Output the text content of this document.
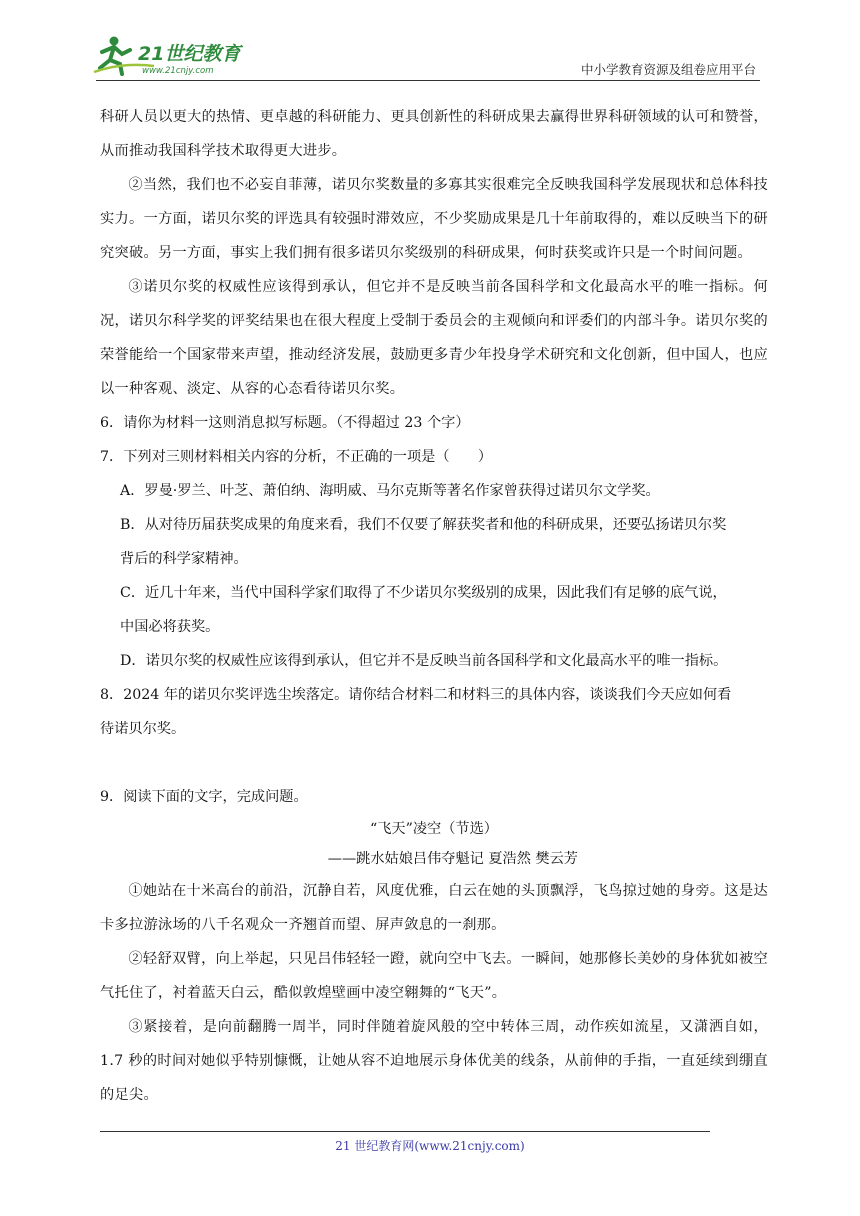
21世纪教育
www.21cnjy.com	中小学教育资源及组卷应用平台

科研人员以更大的热情、更卓越的科研能力、更具创新性的科研成果去赢得世界科研领域的认可和赞誉，从而推动我国科学技术取得更大进步。

②当然，我们也不必妄自菲薄，诺贝尔奖数量的多寡其实很难完全反映我国科学发展现状和总体科技实力。一方面，诺贝尔奖的评选具有较强时滞效应，不少奖励成果是几十年前取得的，难以反映当下的研究突破。另一方面，事实上我们拥有很多诺贝尔奖级别的科研成果，何时获奖或许只是一个时间问题。

③诺贝尔奖的权威性应该得到承认，但它并不是反映当前各国科学和文化最高水平的唯一指标。何况，诺贝尔科学奖的评奖结果也在很大程度上受制于委员会的主观倾向和评委们的内部斗争。诺贝尔奖的荣誉能给一个国家带来声望，推动经济发展，鼓励更多青少年投身学术研究和文化创新，但中国人，也应以一种客观、淡定、从容的心态看待诺贝尔奖。

6．请你为材料一这则消息拟写标题。（不得超过 23 个字）

7．下列对三则材料相关内容的分析，不正确的一项是（　　）

A．罗曼·罗兰、叶芝、萧伯纳、海明威、马尔克斯等著名作家曾获得过诺贝尔文学奖。

B．从对待历届获奖成果的角度来看，我们不仅要了解获奖者和他的科研成果，还要弘扬诺贝尔奖

背后的科学家精神。

C．近几十年来，当代中国科学家们取得了不少诺贝尔奖级别的成果，因此我们有足够的底气说，

中国必将获奖。

D．诺贝尔奖的权威性应该得到承认，但它并不是反映当前各国科学和文化最高水平的唯一指标。

8．2024 年的诺贝尔奖评选尘埃落定。请你结合材料二和材料三的具体内容，谈谈我们今天应如何看

待诺贝尔奖。

9．阅读下面的文字，完成问题。

“飞天”凌空（节选）

——跳水姑娘吕伟夺魁记 夏浩然 樊云芳

①她站在十米高台的前沿，沉静自若，风度优雅，白云在她的头顶飘浮，飞鸟掠过她的身旁。这是达卡多拉游泳场的八千名观众一齐翘首而望、屏声敛息的一刹那。

②轻舒双臂，向上举起，只见吕伟轻轻一蹬，就向空中飞去。一瞬间，她那修长美妙的身体犹如被空气托住了，衬着蓝天白云，酷似敦煌壁画中凌空翱舞的“飞天”。

③紧接着，是向前翻腾一周半，同时伴随着旋风般的空中转体三周，动作疾如流星，又潇洒自如，1.7 秒的时间对她似乎特别慷慨，让她从容不迫地展示身体优美的线条，从前伸的手指，一直延续到绷直的足尖。

21 世纪教育网(www.21cnjy.com)
